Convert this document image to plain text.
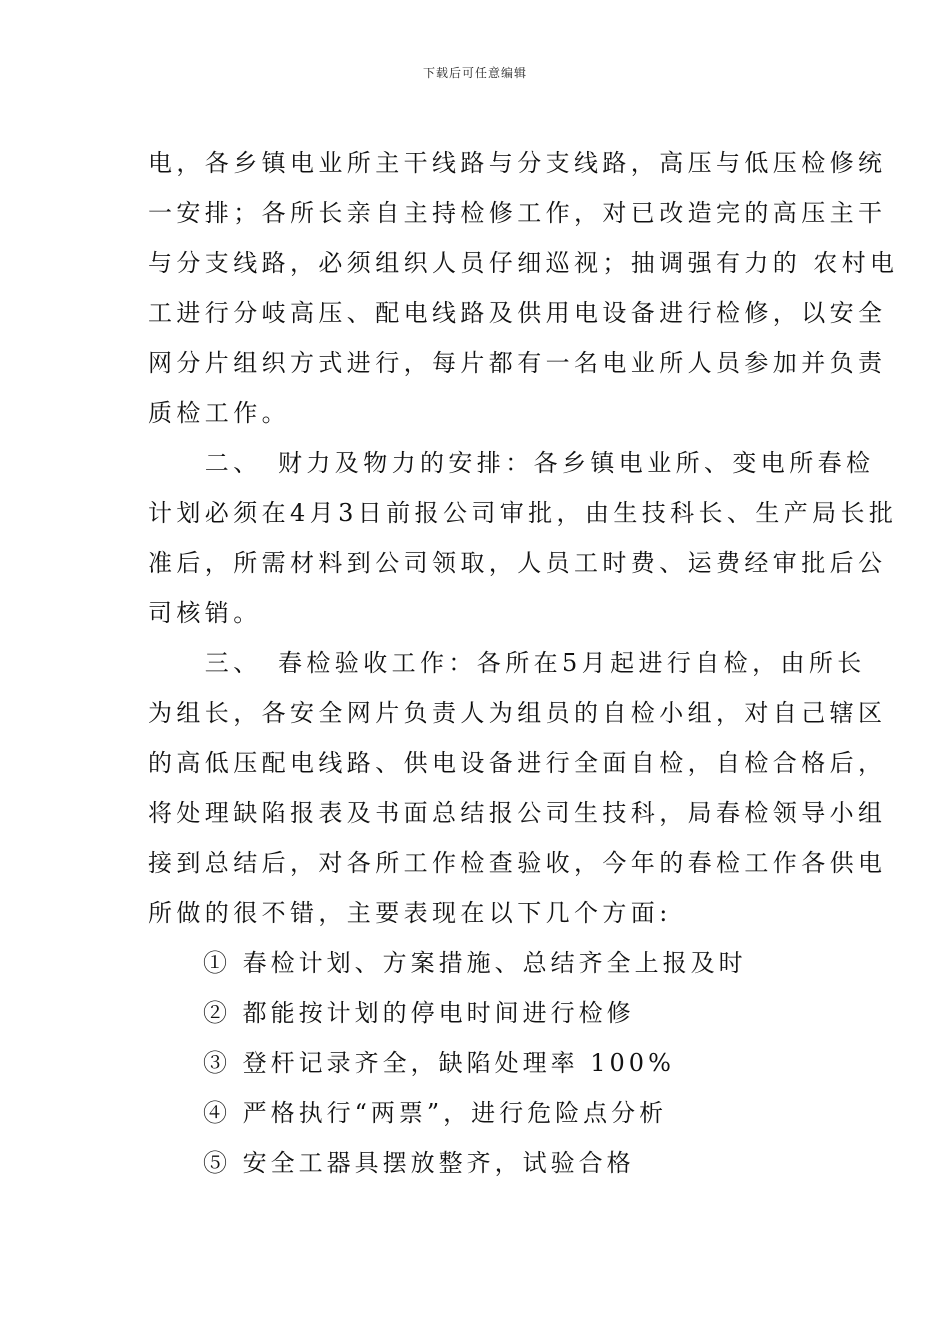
下载后可任意编辑
电，各乡镇电业所主干线路与分支线路，高压与低压检修统
一安排；各所长亲自主持检修工作，对已改造完的高压主干
与分支线路，必须组织人员仔细巡视；抽调强有力的 农村电
工进行分岐高压、配电线路及供用电设备进行检修，以安全
网分片组织方式进行，每片都有一名电业所人员参加并负责
质检工作。
　　二、　财力及物力的安排：各乡镇电业所、变电所春检
计划必须在4月3日前报公司审批，由生技科长、生产局长批
准后，所需材料到公司领取，人员工时费、运费经审批后公
司核销。
　　三、　春检验收工作：各所在5月起进行自检，由所长
为组长，各安全网片负责人为组员的自检小组，对自己辖区
的高低压配电线路、供电设备进行全面自检，自检合格后，
将处理缺陷报表及书面总结报公司生技科，局春检领导小组
接到总结后，对各所工作检查验收，今年的春检工作各供电
所做的很不错，主要表现在以下几个方面:
① 春检计划、方案措施、总结齐全上报及时
② 都能按计划的停电时间进行检修
③ 登杆记录齐全，缺陷处理率 100%
④ 严格执行“两票”，进行危险点分析
⑤ 安全工器具摆放整齐，试验合格
